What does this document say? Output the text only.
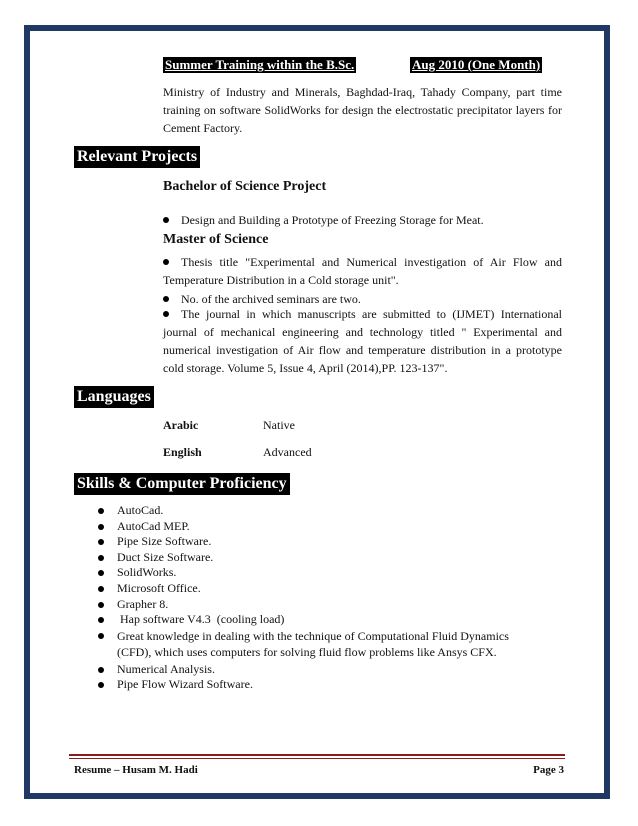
Summer Training within the B.Sc.	Aug 2010 (One Month)
Ministry of Industry and Minerals, Baghdad-Iraq, Tahady Company, part time training on software SolidWorks for design the electrostatic precipitator layers for Cement Factory.
Relevant Projects
Bachelor of Science Project
Design and Building a Prototype of Freezing Storage for Meat.
Master of Science
Thesis title "Experimental and Numerical investigation of Air Flow and Temperature Distribution in a Cold storage unit".
No. of the archived seminars are two.
The journal in which manuscripts are submitted to (IJMET) International journal of mechanical engineering and technology titled " Experimental and numerical investigation of Air flow and temperature distribution in a prototype cold storage. Volume 5, Issue 4, April (2014),PP. 123-137".
Languages
Arabic	Native
English	Advanced
Skills & Computer Proficiency
AutoCad.
AutoCad MEP.
Pipe Size Software.
Duct Size Software.
SolidWorks.
Microsoft Office.
Grapher 8.
Hap software V4.3  (cooling load)
Great knowledge in dealing with the technique of Computational Fluid Dynamics (CFD), which uses computers for solving fluid flow problems like Ansys CFX.
Numerical Analysis.
Pipe Flow Wizard Software.
Resume – Husam M. Hadi	Page 3
